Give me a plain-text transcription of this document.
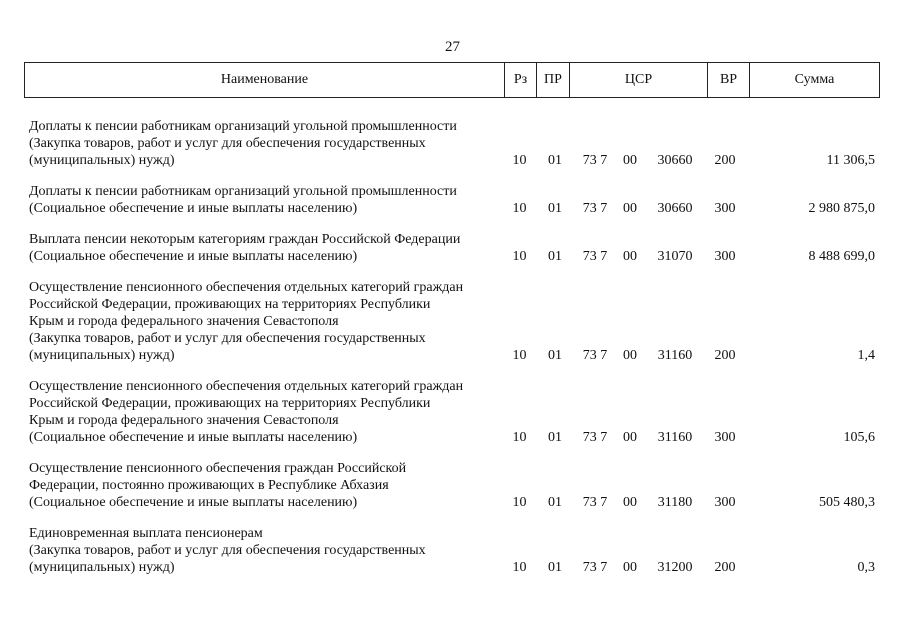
27
Наименование	Рз	ПР	ЦСР	ВР	Сумма
Доплаты к пенсии работникам организаций угольной промышленности
(Закупка товаров, работ и услуг для обеспечения государственных
(муниципальных) нужд)	10	01	73 7	00	30660	200	11 306,5
Доплаты к пенсии работникам организаций угольной промышленности
(Социальное обеспечение и иные выплаты населению)	10	01	73 7	00	30660	300	2 980 875,0
Выплата пенсии некоторым категориям граждан Российской Федерации
(Социальное обеспечение и иные выплаты населению)	10	01	73 7	00	31070	300	8 488 699,0
Осуществление пенсионного обеспечения отдельных категорий граждан
Российской Федерации, проживающих на территориях Республики
Крым и города федерального значения Севастополя
(Закупка товаров, работ и услуг для обеспечения государственных
(муниципальных) нужд)	10	01	73 7	00	31160	200	1,4
Осуществление пенсионного обеспечения отдельных категорий граждан
Российской Федерации, проживающих на территориях Республики
Крым и города федерального значения Севастополя
(Социальное обеспечение и иные выплаты населению)	10	01	73 7	00	31160	300	105,6
Осуществление пенсионного обеспечения граждан Российской
Федерации, постоянно проживающих в Республике Абхазия
(Социальное обеспечение и иные выплаты населению)	10	01	73 7	00	31180	300	505 480,3
Единовременная выплата пенсионерам
(Закупка товаров, работ и услуг для обеспечения государственных
(муниципальных) нужд)	10	01	73 7	00	31200	200	0,3
